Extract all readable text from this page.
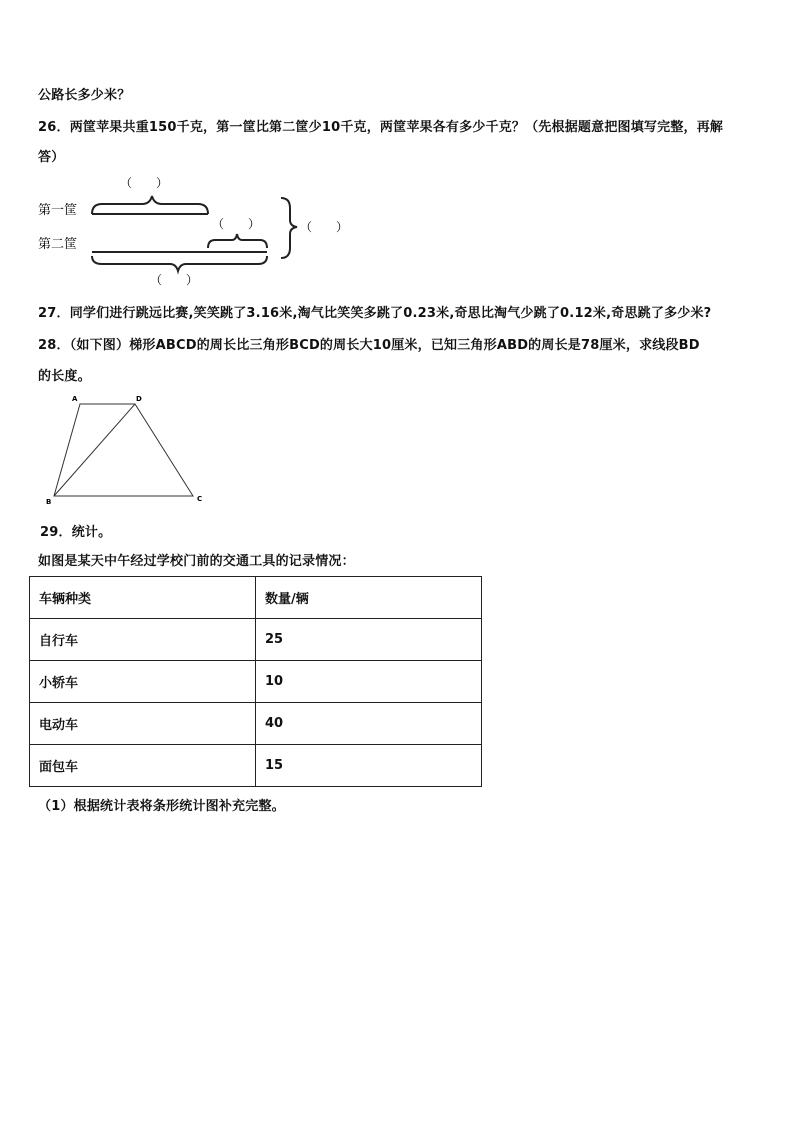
公路长多少米？
26．两筐苹果共重150千克，第一筐比第二筐少10千克，两筐苹果各有多少千克？（先根据题意把图填写完整，再解
答）
（　　）
第一筐
（　　）
第二筐
（　　）
（　　）
27．同学们进行跳远比赛,笑笑跳了3.16米,淘气比笑笑多跳了0.23米,奇思比淘气少跳了0.12米,奇思跳了多少米?
28．（如下图）梯形ABCD的周长比三角形BCD的周长大10厘米，已知三角形ABD的周长是78厘米，求线段BD
的长度。
A	D
B	C
29．统计。
如图是某天中午经过学校门前的交通工具的记录情况：
车辆种类	数量/辆
自行车	25
小轿车	10
电动车	40
面包车	15
（1）根据统计表将条形统计图补充完整。
